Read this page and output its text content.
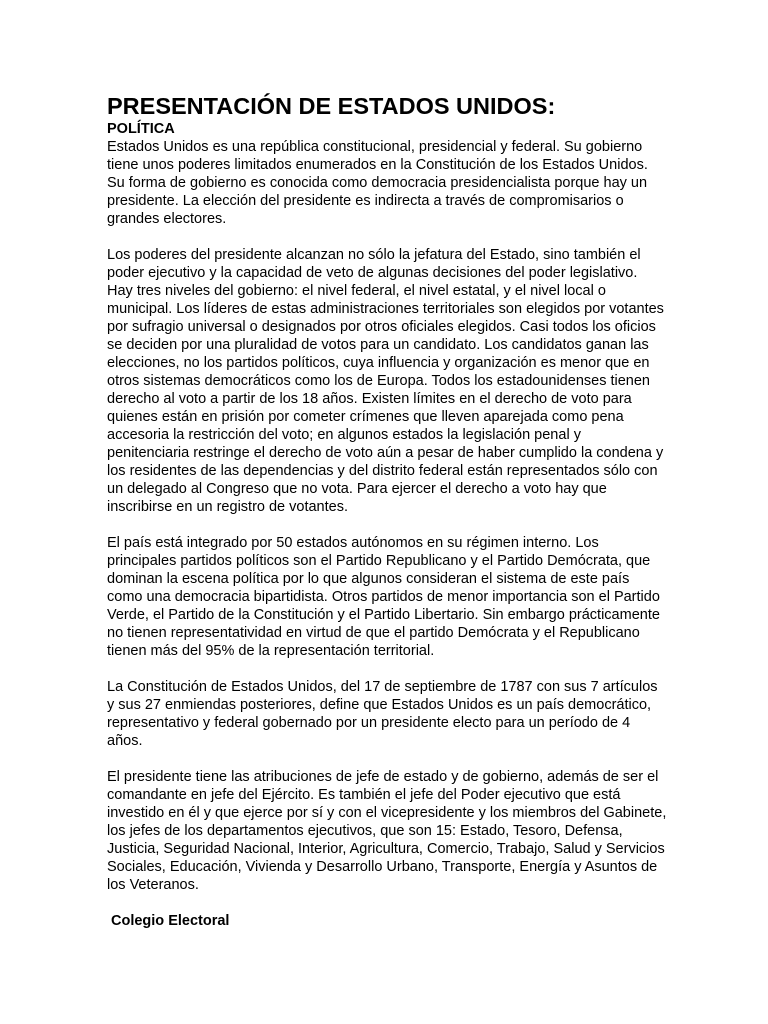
PRESENTACIÓN DE ESTADOS UNIDOS:
POLÍTICA

Estados Unidos es una república constitucional, presidencial y federal. Su gobierno tiene unos poderes limitados enumerados en la Constitución de los Estados Unidos. Su forma de gobierno es conocida como democracia presidencialista porque hay un presidente. La elección del presidente es indirecta a través de compromisarios o grandes electores.

Los poderes del presidente alcanzan no sólo la jefatura del Estado, sino también el poder ejecutivo y la capacidad de veto de algunas decisiones del poder legislativo. Hay tres niveles del gobierno: el nivel federal, el nivel estatal, y el nivel local o municipal. Los líderes de estas administraciones territoriales son elegidos por votantes por sufragio universal o designados por otros oficiales elegidos. Casi todos los oficios se deciden por una pluralidad de votos para un candidato. Los candidatos ganan las elecciones, no los partidos políticos, cuya influencia y organización es menor que en otros sistemas democráticos como los de Europa. Todos los estadounidenses tienen derecho al voto a partir de los 18 años. Existen límites en el derecho de voto para quienes están en prisión por cometer crímenes que lleven aparejada como pena accesoria la restricción del voto; en algunos estados la legislación penal y penitenciaria restringe el derecho de voto aún a pesar de haber cumplido la condena y los residentes de las dependencias y del distrito federal están representados sólo con un delegado al Congreso que no vota. Para ejercer el derecho a voto hay que inscribirse en un registro de votantes.

El país está integrado por 50 estados autónomos en su régimen interno. Los principales partidos políticos son el Partido Republicano y el Partido Demócrata, que dominan la escena política por lo que algunos consideran el sistema de este país como una democracia bipartidista. Otros partidos de menor importancia son el Partido Verde, el Partido de la Constitución y el Partido Libertario. Sin embargo prácticamente no tienen representatividad en virtud de que el partido Demócrata y el Republicano tienen más del 95% de la representación territorial.

La Constitución de Estados Unidos, del 17 de septiembre de 1787 con sus 7 artículos y sus 27 enmiendas posteriores, define que Estados Unidos es un país democrático, representativo y federal gobernado por un presidente electo para un período de 4 años.

El presidente tiene las atribuciones de jefe de estado y de gobierno, además de ser el comandante en jefe del Ejército. Es también el jefe del Poder ejecutivo que está investido en él y que ejerce por sí y con el vicepresidente y los miembros del Gabinete, los jefes de los departamentos ejecutivos, que son 15: Estado, Tesoro, Defensa, Justicia, Seguridad Nacional, Interior, Agricultura, Comercio, Trabajo, Salud y Servicios Sociales, Educación, Vivienda y Desarrollo Urbano, Transporte, Energía y Asuntos de los Veteranos.

Colegio Electoral
